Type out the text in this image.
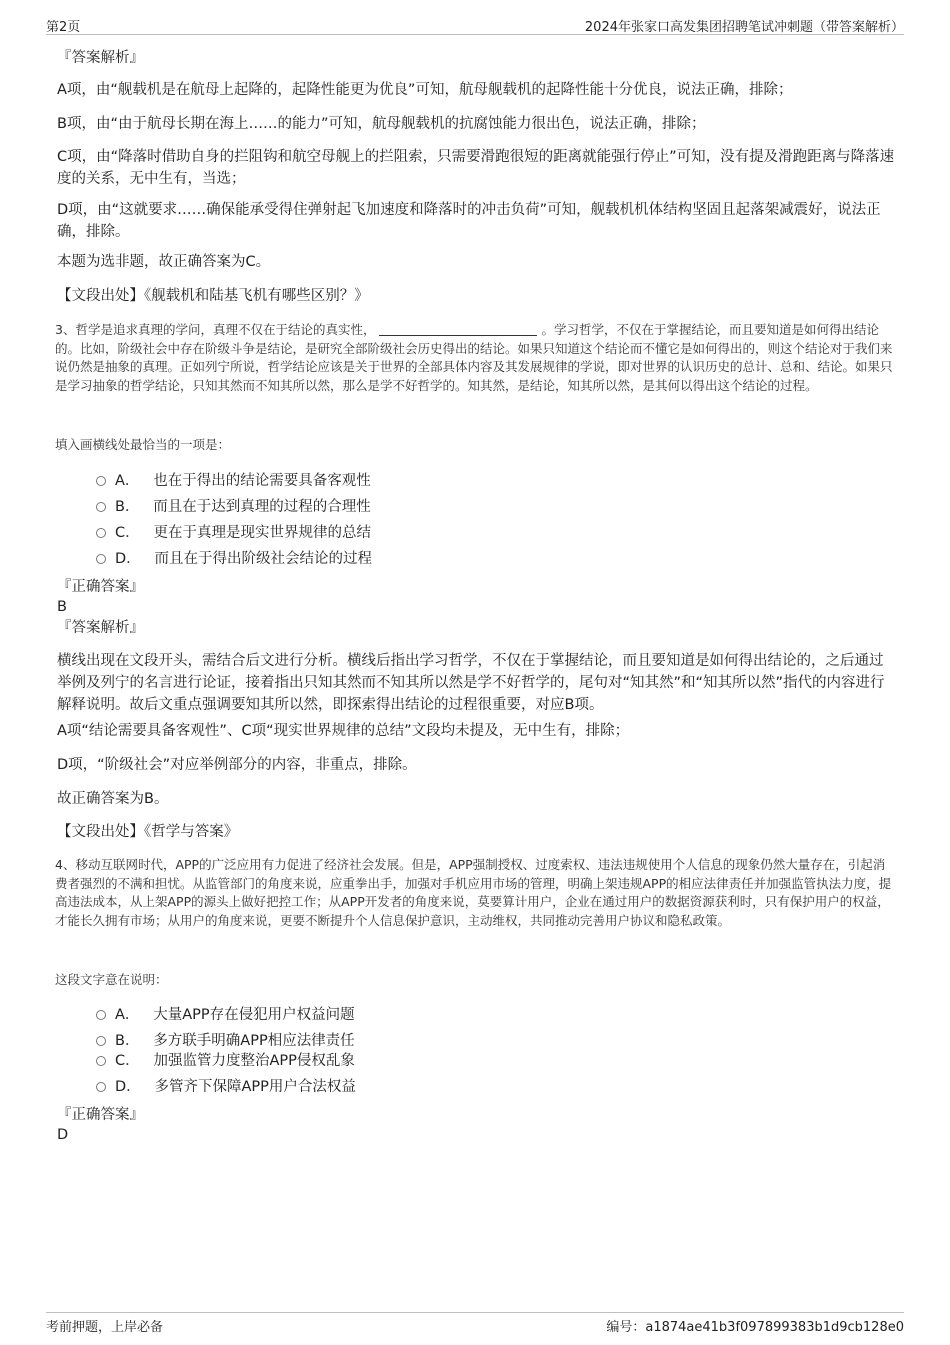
第2页	2024年张家口高发集团招聘笔试冲刺题（带答案解析）
『答案解析』

A项，由“舰载机是在航母上起降的，起降性能更为优良”可知，航母舰载机的起降性能十分优良，说法正确，排除；

B项，由“由于航母长期在海上……的能力”可知，航母舰载机的抗腐蚀能力很出色，说法正确，排除；

C项，由“降落时借助自身的拦阻钩和航空母舰上的拦阻索，只需要滑跑很短的距离就能强行停止”可知，没有提及滑跑距离与降落速度的关系，无中生有，当选；

D项，由“这就要求……确保能承受得住弹射起飞加速度和降落时的冲击负荷”可知，舰载机机体结构坚固且起落架减震好，说法正确，排除。

本题为选非题，故正确答案为C。

【文段出处】《舰载机和陆基飞机有哪些区别？》

3、哲学是追求真理的学问，真理不仅在于结论的真实性，	。学习哲学，不仅在于掌握结论，而且要知道是如何得出结论的。比如，阶级社会中存在阶级斗争是结论，是研究全部阶级社会历史得出的结论。如果只知道这个结论而不懂它是如何得出的，则这个结论对于我们来说仍然是抽象的真理。正如列宁所说，哲学结论应该是关于世界的全部具体内容及其发展规律的学说，即对世界的认识历史的总计、总和、结论。如果只是学习抽象的哲学结论，只知其然而不知其所以然，那么是学不好哲学的。知其然，是结论，知其所以然，是其何以得出这个结论的过程。

填入画横线处最恰当的一项是：

A． 也在于得出的结论需要具备客观性
B． 而且在于达到真理的过程的合理性
C． 更在于真理是现实世界规律的总结
D． 而且在于得出阶级社会结论的过程
『正确答案』
B
『答案解析』

横线出现在文段开头，需结合后文进行分析。横线后指出学习哲学，不仅在于掌握结论，而且要知道是如何得出结论的，之后通过举例及列宁的名言进行论证，接着指出只知其然而不知其所以然是学不好哲学的，尾句对“知其然”和“知其所以然”指代的内容进行解释说明。故后文重点强调要知其所以然，即探索得出结论的过程很重要，对应B项。

A项“结论需要具备客观性”、C项“现实世界规律的总结”文段均未提及，无中生有，排除；

D项，“阶级社会”对应举例部分的内容，非重点，排除。

故正确答案为B。

【文段出处】《哲学与答案》

4、移动互联网时代，APP的广泛应用有力促进了经济社会发展。但是，APP强制授权、过度索权、违法违规使用个人信息的现象仍然大量存在，引起消费者强烈的不满和担忧。从监管部门的角度来说，应重拳出手，加强对手机应用市场的管理，明确上架违规APP的相应法律责任并加强监管执法力度，提高违法成本，从上架APP的源头上做好把控工作；从APP开发者的角度来说，莫要算计用户，企业在通过用户的数据资源获利时，只有保护用户的权益，才能长久拥有市场；从用户的角度来说，更要不断提升个人信息保护意识，主动维权，共同推动完善用户协议和隐私政策。

这段文字意在说明：

A． 大量APP存在侵犯用户权益问题
B． 多方联手明确APP相应法律责任
C． 加强监管力度整治APP侵权乱象
D． 多管齐下保障APP用户合法权益
『正确答案』
D
考前押题，上岸必备	编号：a1874ae41b3f097899383b1d9cb128e0
